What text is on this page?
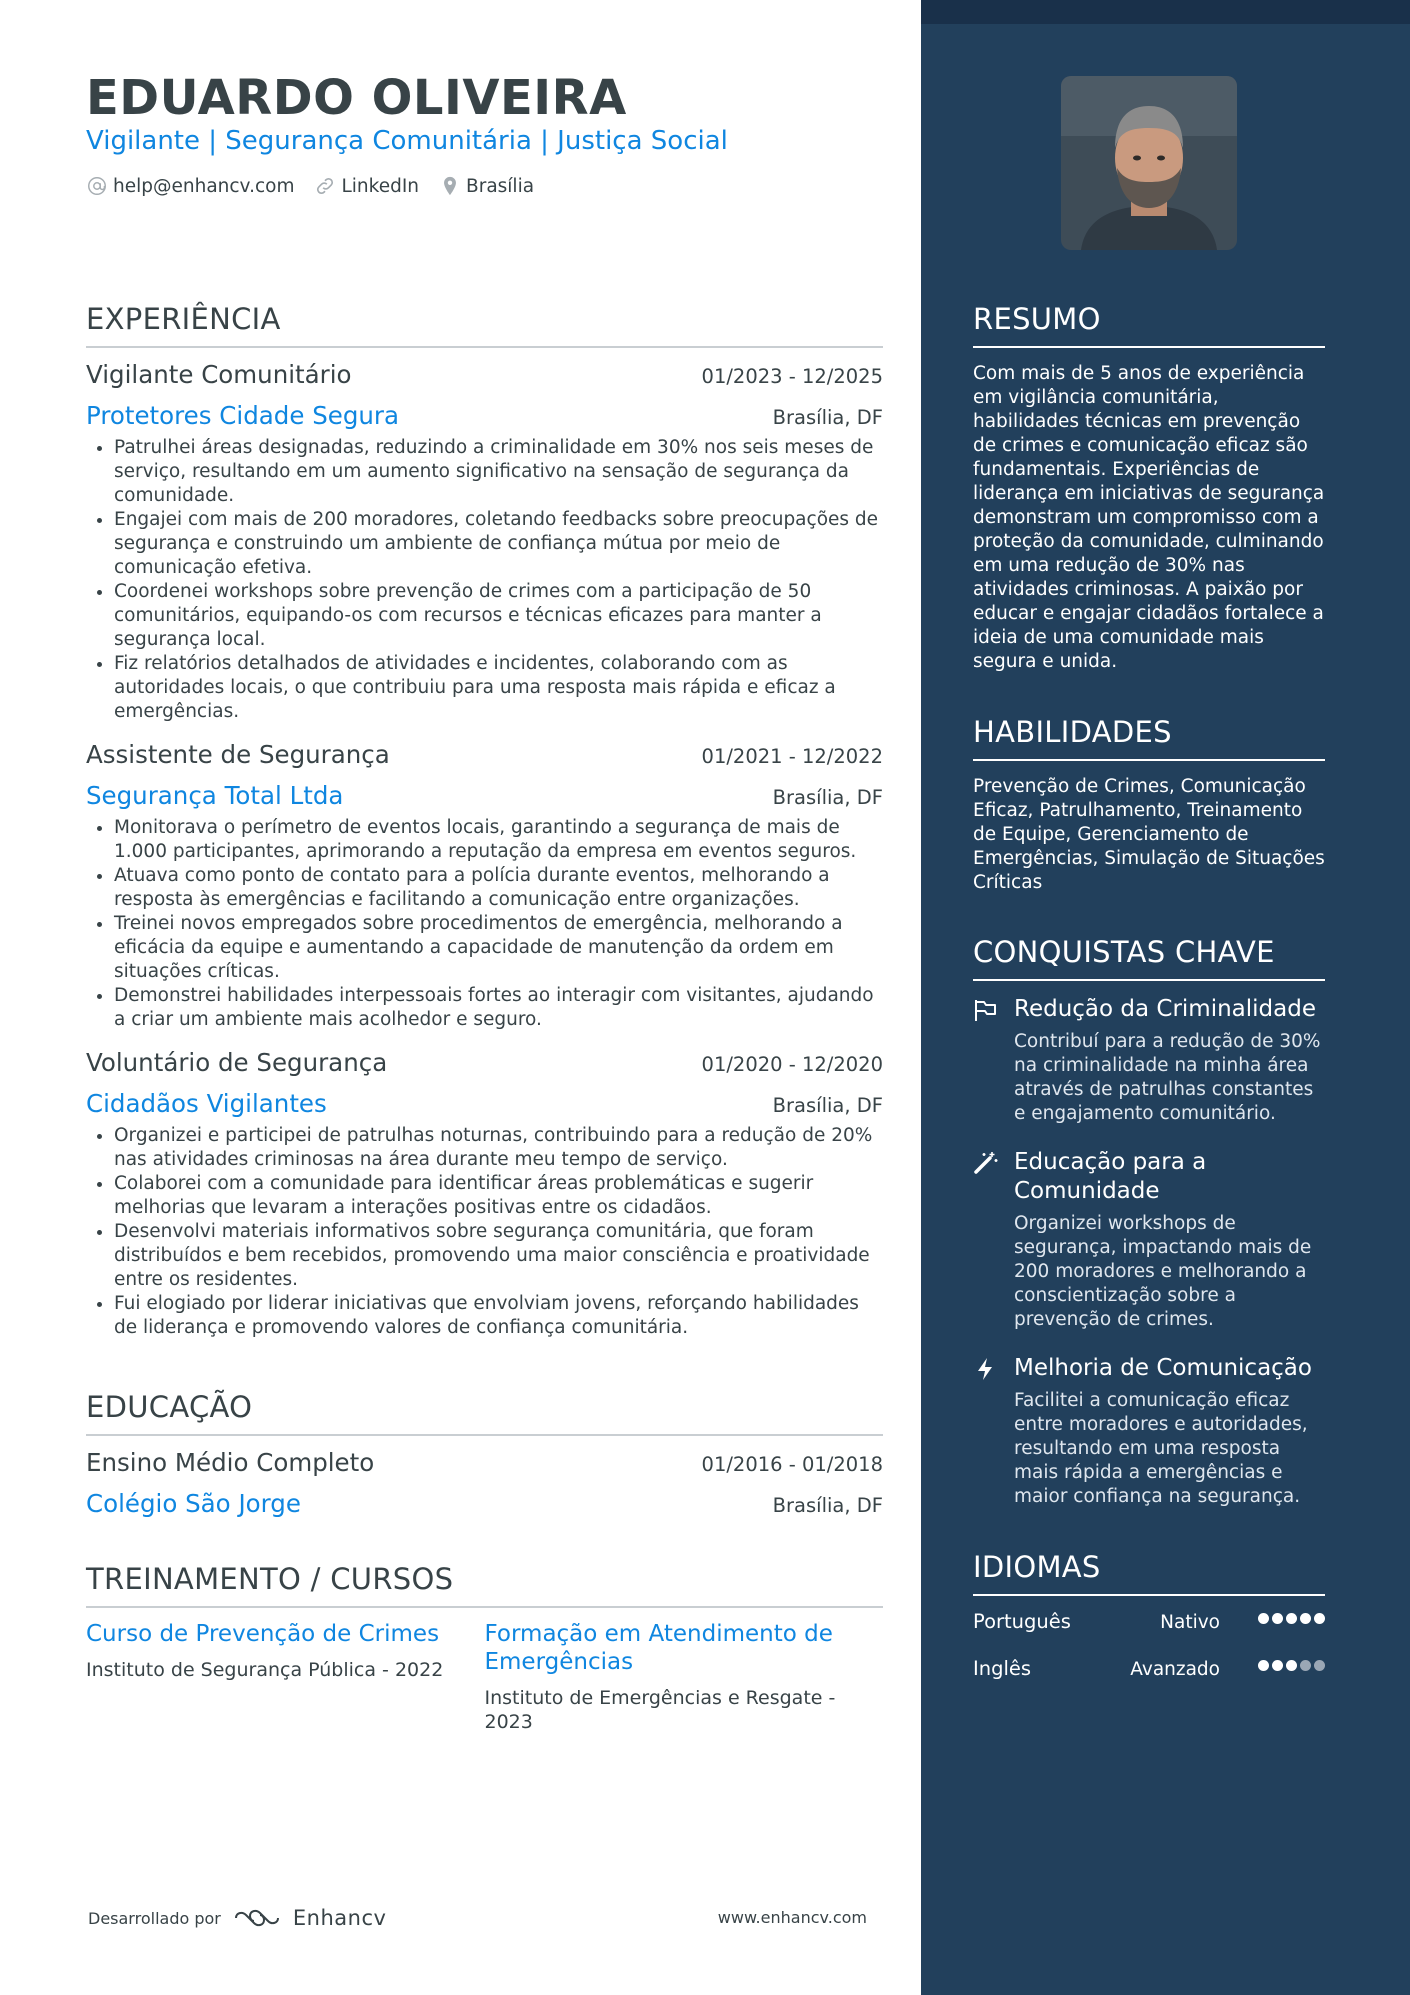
EDUARDO OLIVEIRA
Vigilante | Segurança Comunitária | Justiça Social
help@enhancv.com	LinkedIn	Brasília
EXPERIÊNCIA
Vigilante Comunitário	01/2023 - 12/2025
Protetores Cidade Segura	Brasília, DF
• Patrulhei áreas designadas, reduzindo a criminalidade em 30% nos seis meses de serviço, resultando em um aumento significativo na sensação de segurança da comunidade.
• Engajei com mais de 200 moradores, coletando feedbacks sobre preocupações de segurança e construindo um ambiente de confiança mútua por meio de comunicação efetiva.
• Coordenei workshops sobre prevenção de crimes com a participação de 50 comunitários, equipando-os com recursos e técnicas eficazes para manter a segurança local.
• Fiz relatórios detalhados de atividades e incidentes, colaborando com as autoridades locais, o que contribuiu para uma resposta mais rápida e eficaz a emergências.
Assistente de Segurança	01/2021 - 12/2022
Segurança Total Ltda	Brasília, DF
• Monitorava o perímetro de eventos locais, garantindo a segurança de mais de 1.000 participantes, aprimorando a reputação da empresa em eventos seguros.
• Atuava como ponto de contato para a polícia durante eventos, melhorando a resposta às emergências e facilitando a comunicação entre organizações.
• Treinei novos empregados sobre procedimentos de emergência, melhorando a eficácia da equipe e aumentando a capacidade de manutenção da ordem em situações críticas.
• Demonstrei habilidades interpessoais fortes ao interagir com visitantes, ajudando a criar um ambiente mais acolhedor e seguro.
Voluntário de Segurança	01/2020 - 12/2020
Cidadãos Vigilantes	Brasília, DF
• Organizei e participei de patrulhas noturnas, contribuindo para a redução de 20% nas atividades criminosas na área durante meu tempo de serviço.
• Colaborei com a comunidade para identificar áreas problemáticas e sugerir melhorias que levaram a interações positivas entre os cidadãos.
• Desenvolvi materiais informativos sobre segurança comunitária, que foram distribuídos e bem recebidos, promovendo uma maior consciência e proatividade entre os residentes.
• Fui elogiado por liderar iniciativas que envolviam jovens, reforçando habilidades de liderança e promovendo valores de confiança comunitária.
EDUCAÇÃO
Ensino Médio Completo	01/2016 - 01/2018
Colégio São Jorge	Brasília, DF
TREINAMENTO / CURSOS
Curso de Prevenção de Crimes
Instituto de Segurança Pública - 2022
Formação em Atendimento de Emergências
Instituto de Emergências e Resgate - 2023
Desarrollado por	Enhancv	www.enhancv.com
RESUMO
Com mais de 5 anos de experiência em vigilância comunitária, habilidades técnicas em prevenção de crimes e comunicação eficaz são fundamentais. Experiências de liderança em iniciativas de segurança demonstram um compromisso com a proteção da comunidade, culminando em uma redução de 30% nas atividades criminosas. A paixão por educar e engajar cidadãos fortalece a ideia de uma comunidade mais segura e unida.
HABILIDADES
Prevenção de Crimes, Comunicação Eficaz, Patrulhamento, Treinamento de Equipe, Gerenciamento de Emergências, Simulação de Situações Críticas
CONQUISTAS CHAVE
Redução da Criminalidade
Contribuí para a redução de 30% na criminalidade na minha área através de patrulhas constantes e engajamento comunitário.
Educação para a Comunidade
Organizei workshops de segurança, impactando mais de 200 moradores e melhorando a conscientização sobre a prevenção de crimes.
Melhoria de Comunicação
Facilitei a comunicação eficaz entre moradores e autoridades, resultando em uma resposta mais rápida a emergências e maior confiança na segurança.
IDIOMAS
Português	Nativo
Inglês	Avanzado
